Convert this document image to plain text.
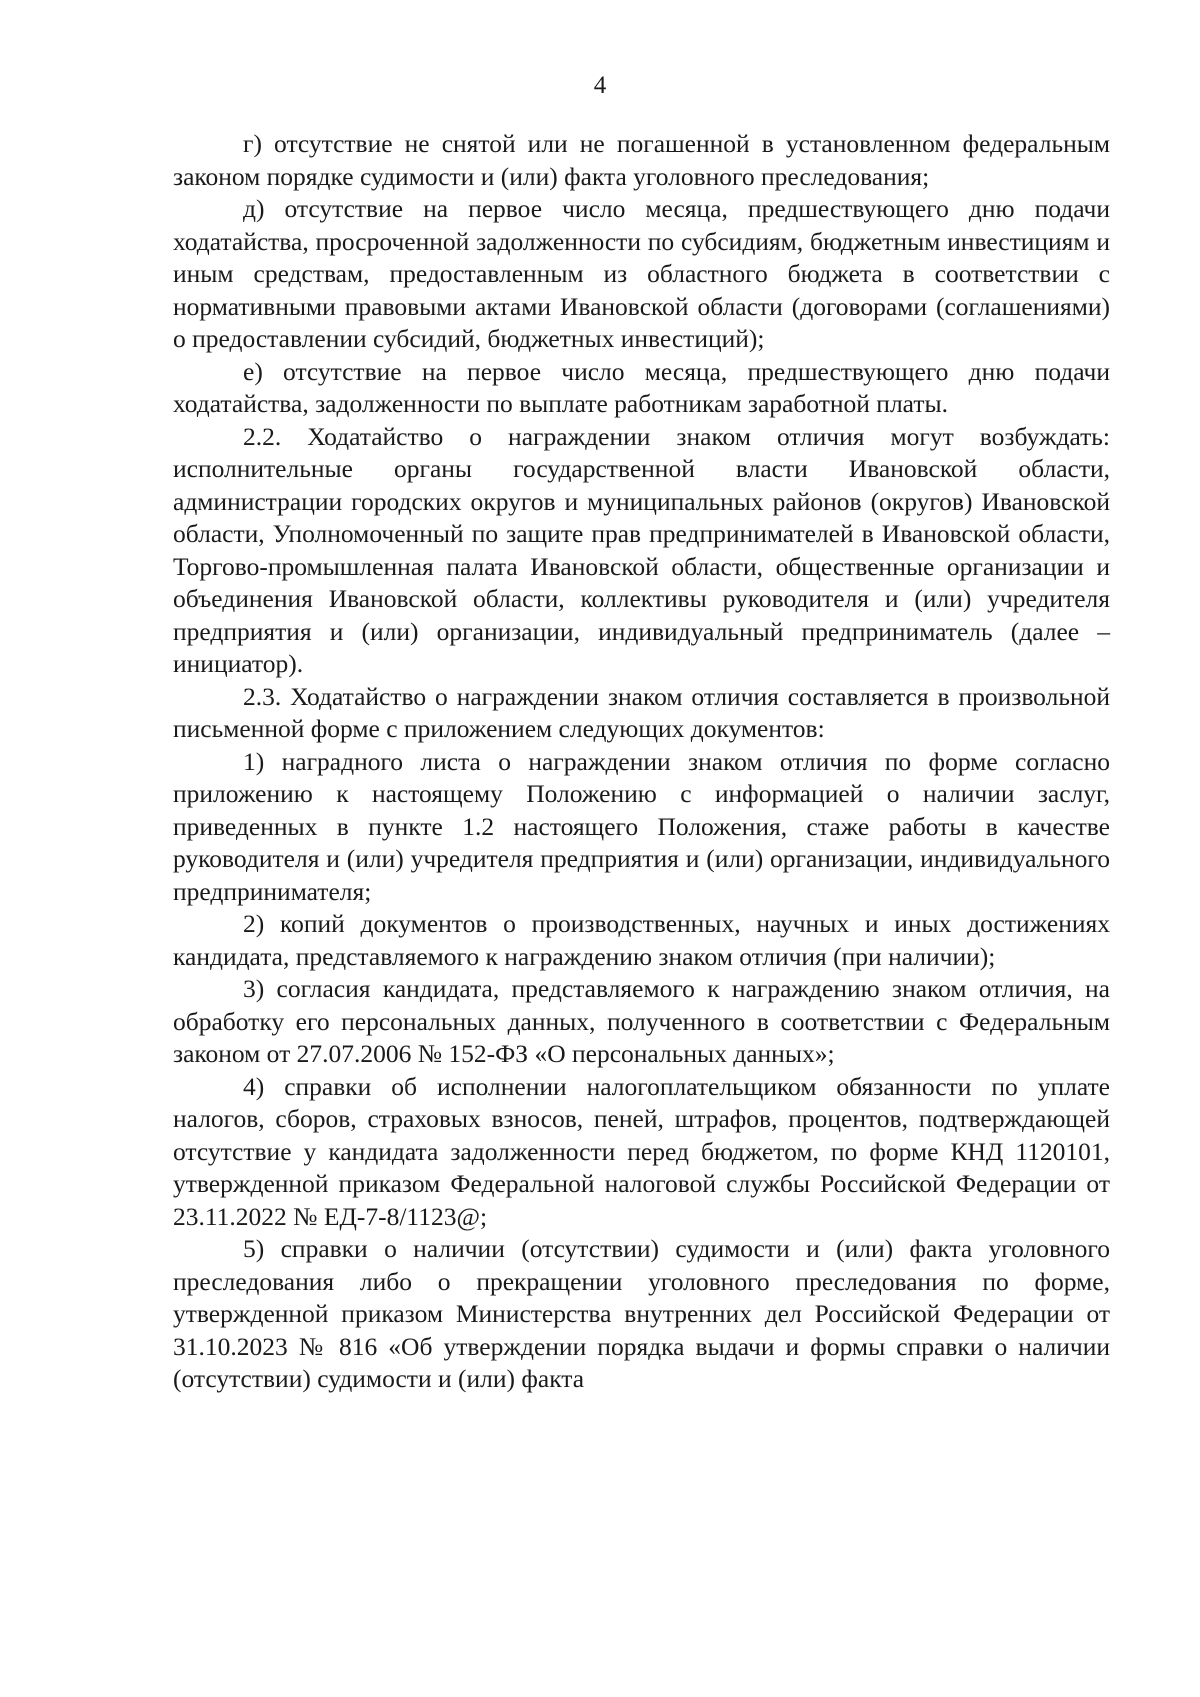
4

г) отсутствие не снятой или не погашенной в установленном федеральным законом порядке судимости и (или) факта уголовного преследования;

д) отсутствие на первое число месяца, предшествующего дню подачи ходатайства, просроченной задолженности по субсидиям, бюджетным инвестициям и иным средствам, предоставленным из областного бюджета в соответствии с нормативными правовыми актами Ивановской области (договорами (соглашениями) о предоставлении субсидий, бюджетных инвестиций);

е) отсутствие на первое число месяца, предшествующего дню подачи ходатайства, задолженности по выплате работникам заработной платы.

2.2. Ходатайство о награждении знаком отличия могут возбуждать: исполнительные органы государственной власти Ивановской области, администрации городских округов и муниципальных районов (округов) Ивановской области, Уполномоченный по защите прав предпринимателей в Ивановской области, Торгово-промышленная палата Ивановской области, общественные организации и объединения Ивановской области, коллективы руководителя и (или) учредителя предприятия и (или) организации, индивидуальный предприниматель (далее – инициатор).

2.3. Ходатайство о награждении знаком отличия составляется в произвольной письменной форме с приложением следующих документов:

1) наградного листа о награждении знаком отличия по форме согласно приложению к настоящему Положению с информацией о наличии заслуг, приведенных в пункте 1.2 настоящего Положения, стаже работы в качестве руководителя и (или) учредителя предприятия и (или) организации, индивидуального предпринимателя;

2) копий документов о производственных, научных и иных достижениях кандидата, представляемого к награждению знаком отличия (при наличии);

3) согласия кандидата, представляемого к награждению знаком отличия, на обработку его персональных данных, полученного в соответствии с Федеральным законом от 27.07.2006 № 152-ФЗ «О персональных данных»;

4) справки об исполнении налогоплательщиком обязанности по уплате налогов, сборов, страховых взносов, пеней, штрафов, процентов, подтверждающей отсутствие у кандидата задолженности перед бюджетом, по форме КНД 1120101, утвержденной приказом Федеральной налоговой службы Российской Федерации от 23.11.2022 № ЕД-7-8/1123@;

5) справки о наличии (отсутствии) судимости и (или) факта уголовного преследования либо о прекращении уголовного преследования по форме, утвержденной приказом Министерства внутренних дел Российской Федерации от 31.10.2023 № 816 «Об утверждении порядка выдачи и формы справки о наличии (отсутствии) судимости и (или) факта
